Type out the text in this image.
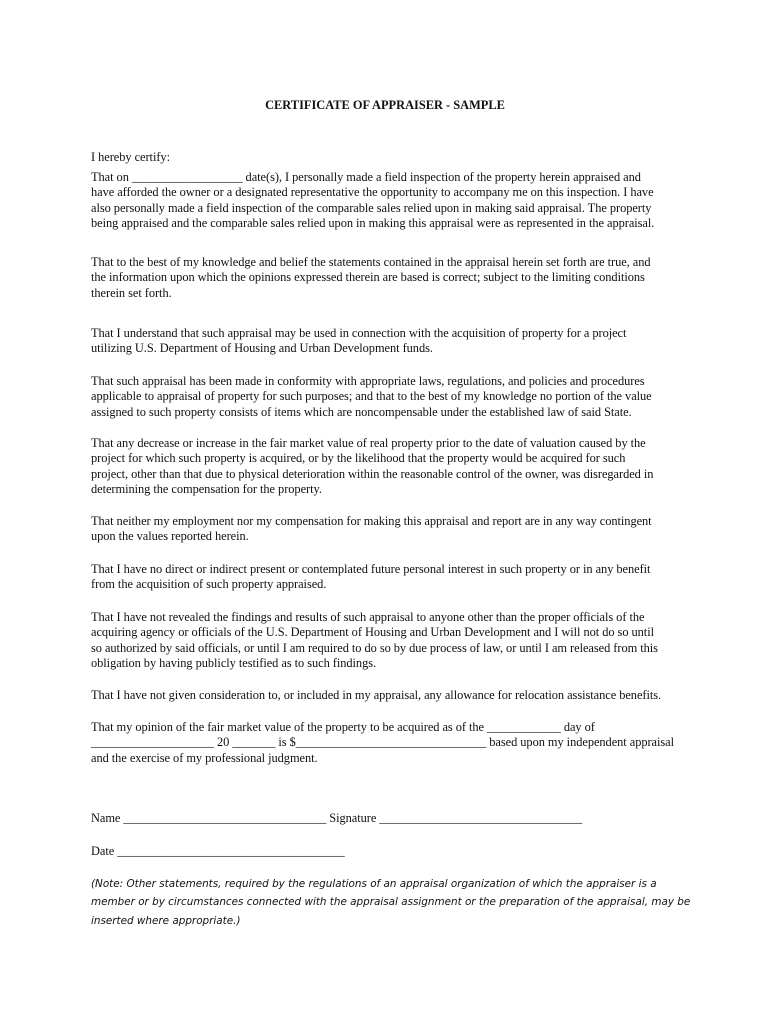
CERTIFICATE OF APPRAISER - SAMPLE

I hereby certify:

That on __________________ date(s), I personally made a field inspection of the property herein appraised and
have afforded the owner or a designated representative the opportunity to accompany me on this inspection. I have
also personally made a field inspection of the comparable sales relied upon in making said appraisal. The property
being appraised and the comparable sales relied upon in making this appraisal were as represented in the appraisal.

That to the best of my knowledge and belief the statements contained in the appraisal herein set forth are true, and
the information upon which the opinions expressed therein are based is correct; subject to the limiting conditions
therein set forth.

That I understand that such appraisal may be used in connection with the acquisition of property for a project
utilizing U.S. Department of Housing and Urban Development funds.

That such appraisal has been made in conformity with appropriate laws, regulations, and policies and procedures
applicable to appraisal of property for such purposes; and that to the best of my knowledge no portion of the value
assigned to such property consists of items which are noncompensable under the established law of said State.

That any decrease or increase in the fair market value of real property prior to the date of valuation caused by the
project for which such property is acquired, or by the likelihood that the property would be acquired for such
project, other than that due to physical deterioration within the reasonable control of the owner, was disregarded in
determining the compensation for the property.

That neither my employment nor my compensation for making this appraisal and report are in any way contingent
upon the values reported herein.

That I have no direct or indirect present or contemplated future personal interest in such property or in any benefit
from the acquisition of such property appraised.

That I have not revealed the findings and results of such appraisal to anyone other than the proper officials of the
acquiring agency or officials of the U.S. Department of Housing and Urban Development and I will not do so until
so authorized by said officials, or until I am required to do so by due process of law, or until I am released from this
obligation by having publicly testified as to such findings.

That I have not given consideration to, or included in my appraisal, any allowance for relocation assistance benefits.

That my opinion of the fair market value of the property to be acquired as of the ____________ day of
____________________ 20 _______ is $_______________________________ based upon my independent appraisal
and the exercise of my professional judgment.

Name _________________________________ Signature _________________________________

Date _____________________________________

(Note: Other statements, required by the regulations of an appraisal organization of which the appraiser is a
member or by circumstances connected with the appraisal assignment or the preparation of the appraisal, may be
inserted where appropriate.)
